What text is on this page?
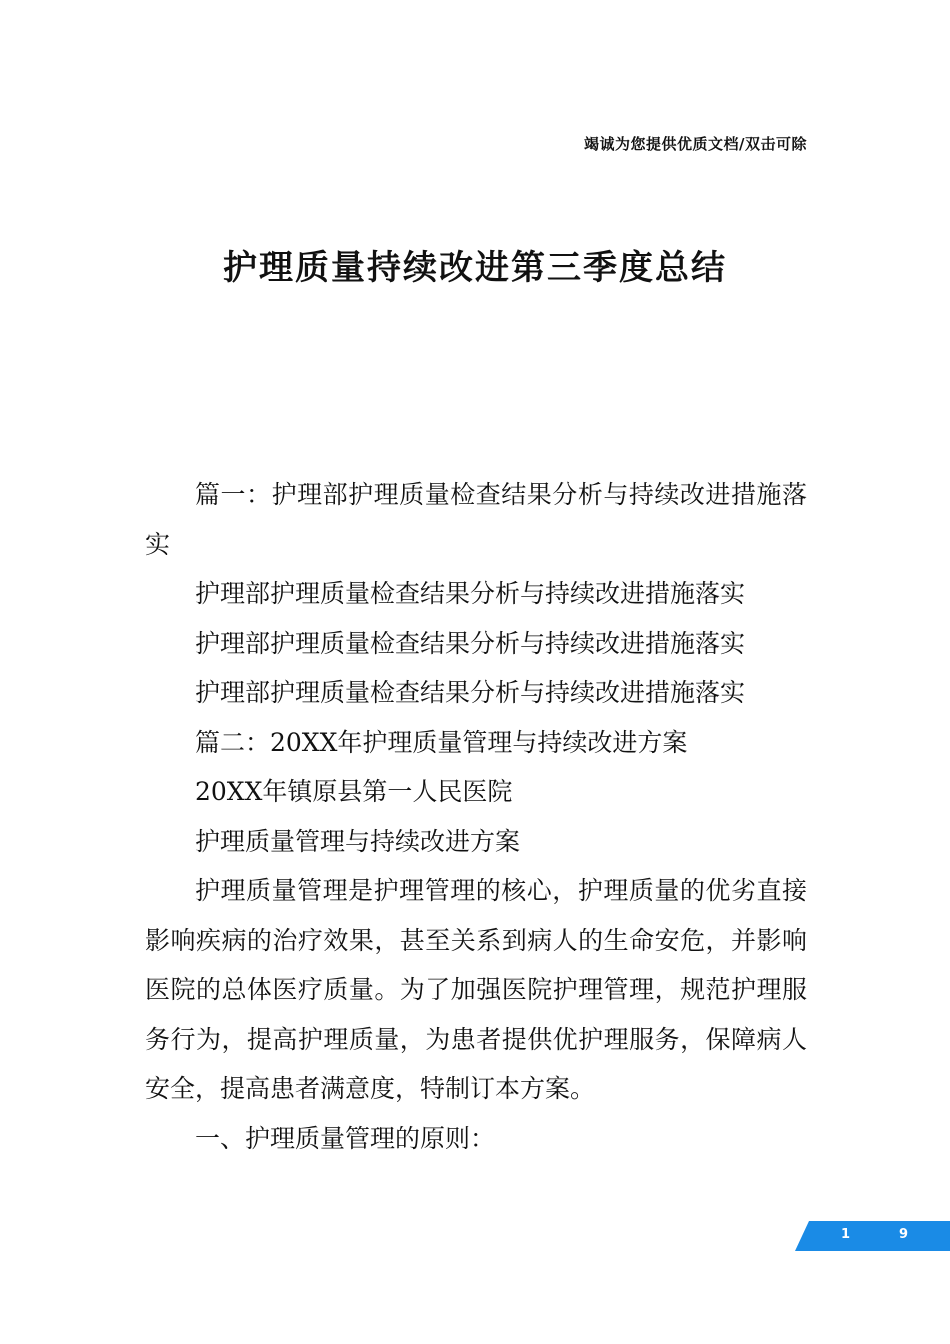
竭诚为您提供优质文档/双击可除
护理质量持续改进第三季度总结

篇一：护理部护理质量检查结果分析与持续改进措施落实

护理部护理质量检查结果分析与持续改进措施落实

护理部护理质量检查结果分析与持续改进措施落实

护理部护理质量检查结果分析与持续改进措施落实

篇二：20XX年护理质量管理与持续改进方案

20XX年镇原县第一人民医院

护理质量管理与持续改进方案

护理质量管理是护理管理的核心，护理质量的优劣直接影响疾病的治疗效果，甚至关系到病人的生命安危，并影响医院的总体医疗质量。为了加强医院护理管理，规范护理服务行为，提高护理质量，为患者提供优护理服务，保障病人安全，提高患者满意度，特制订本方案。

一、护理质量管理的原则：

1	9
